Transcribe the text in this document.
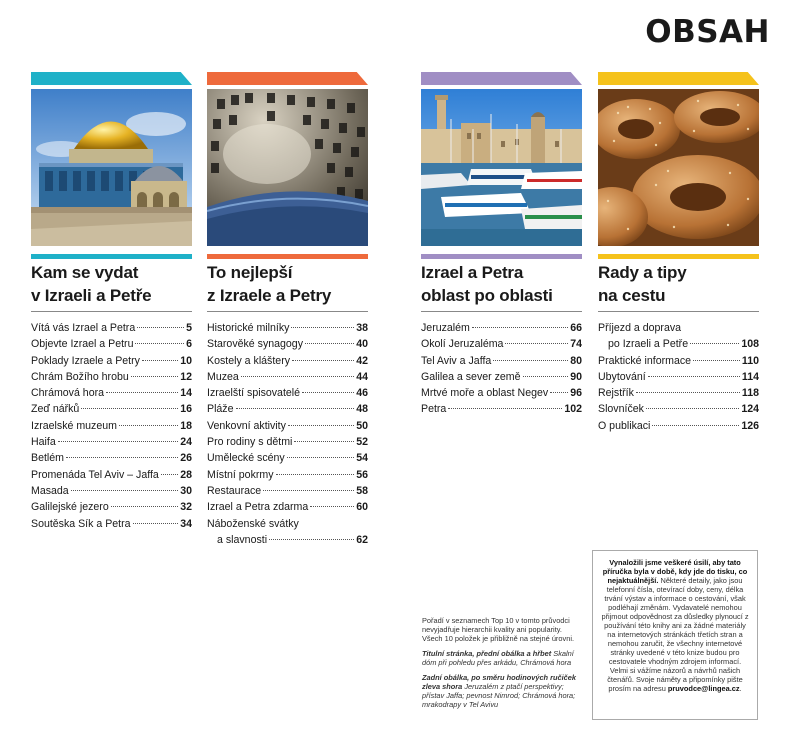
OBSAH
Kam se vydat
v Izraeli a Petře
Vítá vás Izrael a Petra	5
Objevte Izrael a Petru	6
Poklady Izraele a Petry	10
Chrám Božího hrobu	12
Chrámová hora	14
Zeď nářků	16
Izraelské muzeum	18
Haifa	24
Betlém	26
Promenáda Tel Aviv – Jaffa 28
Masada	30
Galilejské jezero	32
Soutěska Sík a Petra	34
To nejlepší
z Izraele a Petry
Historické milníky	38
Starověké synagogy	40
Kostely a kláštery	42
Muzea	44
Izraelští spisovatelé	46
Pláže	48
Venkovní aktivity	50
Pro rodiny s dětmi	52
Umělecké scény	54
Místní pokrmy	56
Restaurace	58
Izrael a Petra zdarma	60
Náboženské svátky
a slavnosti	62
Izrael a Petra
oblast po oblasti
Jeruzalém	66
Okolí Jeruzaléma	74
Tel Aviv a Jaffa	80
Galilea a sever země	90
Mrtvé moře a oblast Negev 96
Petra	102
Rady a tipy
na cestu
Příjezd a doprava
po Izraeli a Petře	108
Praktické informace	110
Ubytování	114
Rejstřík	118
Slovníček	124
O publikaci	126

Pořadí v seznamech Top 10 v tomto průvodci nevyjadřuje hierarchii kvality ani popularity. Všech 10 položek je přibližně na stejné úrovni.

Titulní stránka, přední obálka a hřbet Skalní dóm při pohledu přes arkádu, Chrámová hora

Zadní obálka, po směru hodinových ručiček zleva shora Jeruzalém z ptačí perspektivy; přístav Jaffa; pevnost Nimrod; Chrámová hora; mrakodrapy v Tel Avivu

Vynaložili jsme veškeré úsilí, aby tato příručka byla v době, kdy jde do tisku, co nejaktuálnější. Některé detaily, jako jsou telefonní čísla, otevírací doby, ceny, délka trvání výstav a informace o cestování, však podléhají změnám. Vydavatelé nemohou přijmout odpovědnost za důsledky plynoucí z používání této knihy ani za žádné materiály na internetových stránkách třetích stran a nemohou zaručit, že všechny internetové stránky uvedené v této knize budou pro cestovatele vhodným zdrojem informací. Velmi si vážíme názorů a návrhů našich čtenářů. Svoje náměty a připomínky pište prosím na adresu pruvodce@lingea.cz.
